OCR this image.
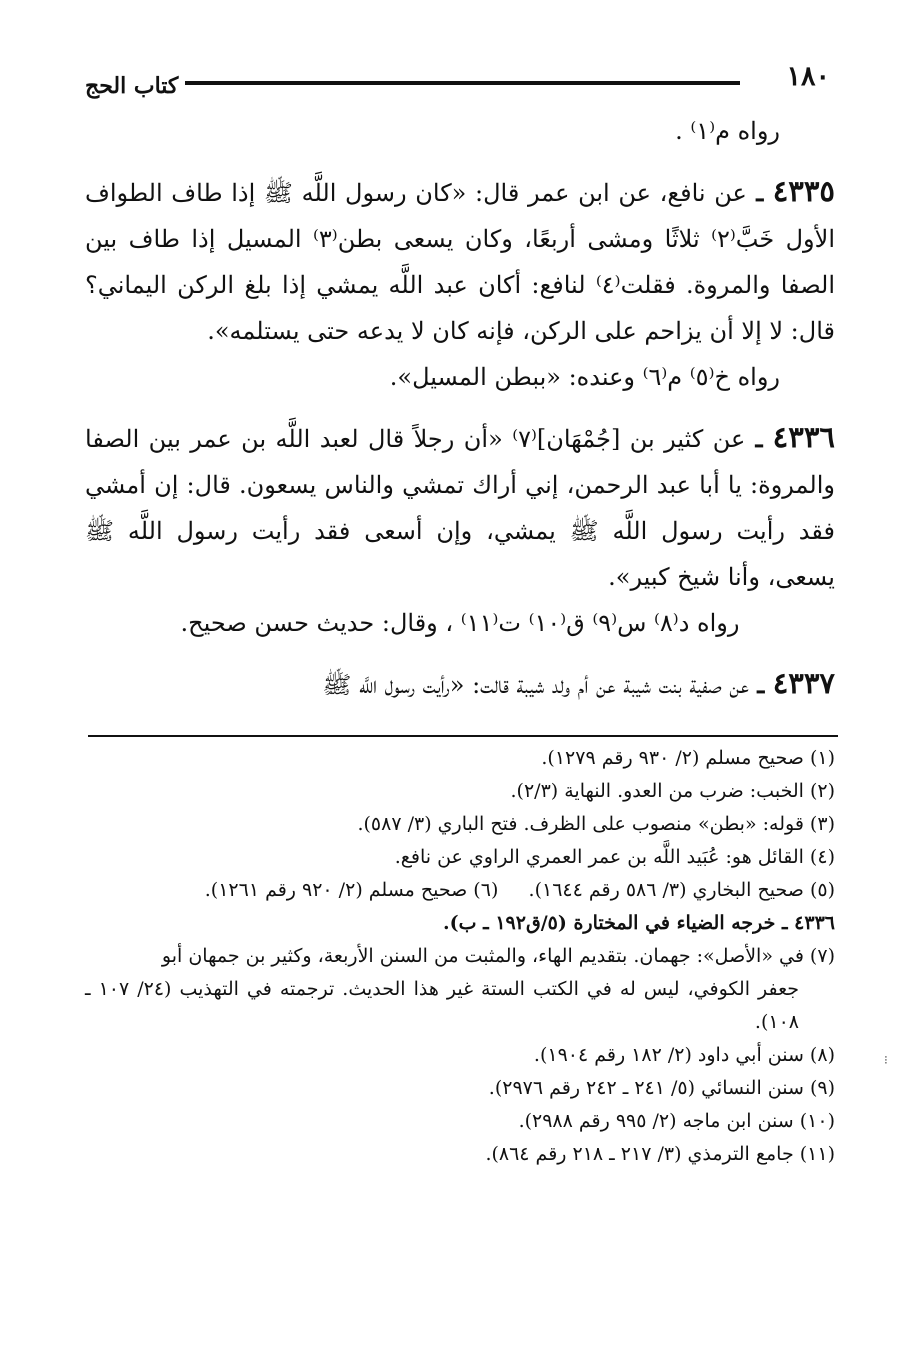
١٨٠
كتاب الحج

رواه م⁽١⁾ .

٤٣٣٥ ـ عن نافع، عن ابن عمر قال: «كان رسول اللَّه ﷺ إذا طاف الطواف الأول خَبَّ⁽٢⁾ ثلاثًا ومشى أربعًا، وكان يسعى بطن⁽٣⁾ المسيل إذا طاف بين الصفا والمروة. فقلت⁽٤⁾ لنافع: أكان عبد اللَّه يمشي إذا بلغ الركن اليماني؟ قال: لا إلا أن يزاحم على الركن، فإنه كان لا يدعه حتى يستلمه».

رواه خ⁽٥⁾ م⁽٦⁾ وعنده: «ببطن المسيل».

٤٣٣٦ ـ عن كثير بن [جُمْهَان]⁽٧⁾ «أن رجلاً قال لعبد اللَّه بن عمر بين الصفا والمروة: يا أبا عبد الرحمن، إني أراك تمشي والناس يسعون. قال: إن أمشي فقد رأيت رسول اللَّه ﷺ يمشي، وإن أسعى فقد رأيت رسول اللَّه ﷺ يسعى، وأنا شيخ كبير».

رواه د⁽٨⁾ س⁽٩⁾ ق⁽١٠⁾ ت⁽١١⁾ ، وقال: حديث حسن صحيح.

٤٣٣٧ ـ عن صفية بنت شيبة عن أم ولد شيبة قالت: «رأيت رسول اللَّه ﷺ

(١) صحيح مسلم (٢/ ٩٣٠ رقم ١٢٧٩).

(٢) الخبب: ضرب من العدو. النهاية (٢/٣).

(٣) قوله: «بطن» منصوب على الظرف. فتح الباري (٣/ ٥٨٧).

(٤) القائل هو: عُبَيد اللَّه بن عمر العمري الراوي عن نافع.

(٥) صحيح البخاري (٣/ ٥٨٦ رقم ١٦٤٤).     (٦) صحيح مسلم (٢/ ٩٢٠ رقم ١٢٦١).

٤٣٣٦ ـ خرجه الضياء في المختارة (٥/ق١٩٢ ـ ب).

(٧) في «الأصل»: جهمان. بتقديم الهاء، والمثبت من السنن الأربعة، وكثير بن جمهان أبو

جعفر الكوفي، ليس له في الكتب الستة غير هذا الحديث. ترجمته في التهذيب (٢٤/ ١٠٧ ـ ١٠٨).

(٨) سنن أبي داود (٢/ ١٨٢ رقم ١٩٠٤).

(٩) سنن النسائي (٥/ ٢٤١ ـ ٢٤٢ رقم ٢٩٧٦).

(١٠) سنن ابن ماجه (٢/ ٩٩٥ رقم ٢٩٨٨).

(١١) جامع الترمذي (٣/ ٢١٧ ـ ٢١٨ رقم ٨٦٤).

⁝
